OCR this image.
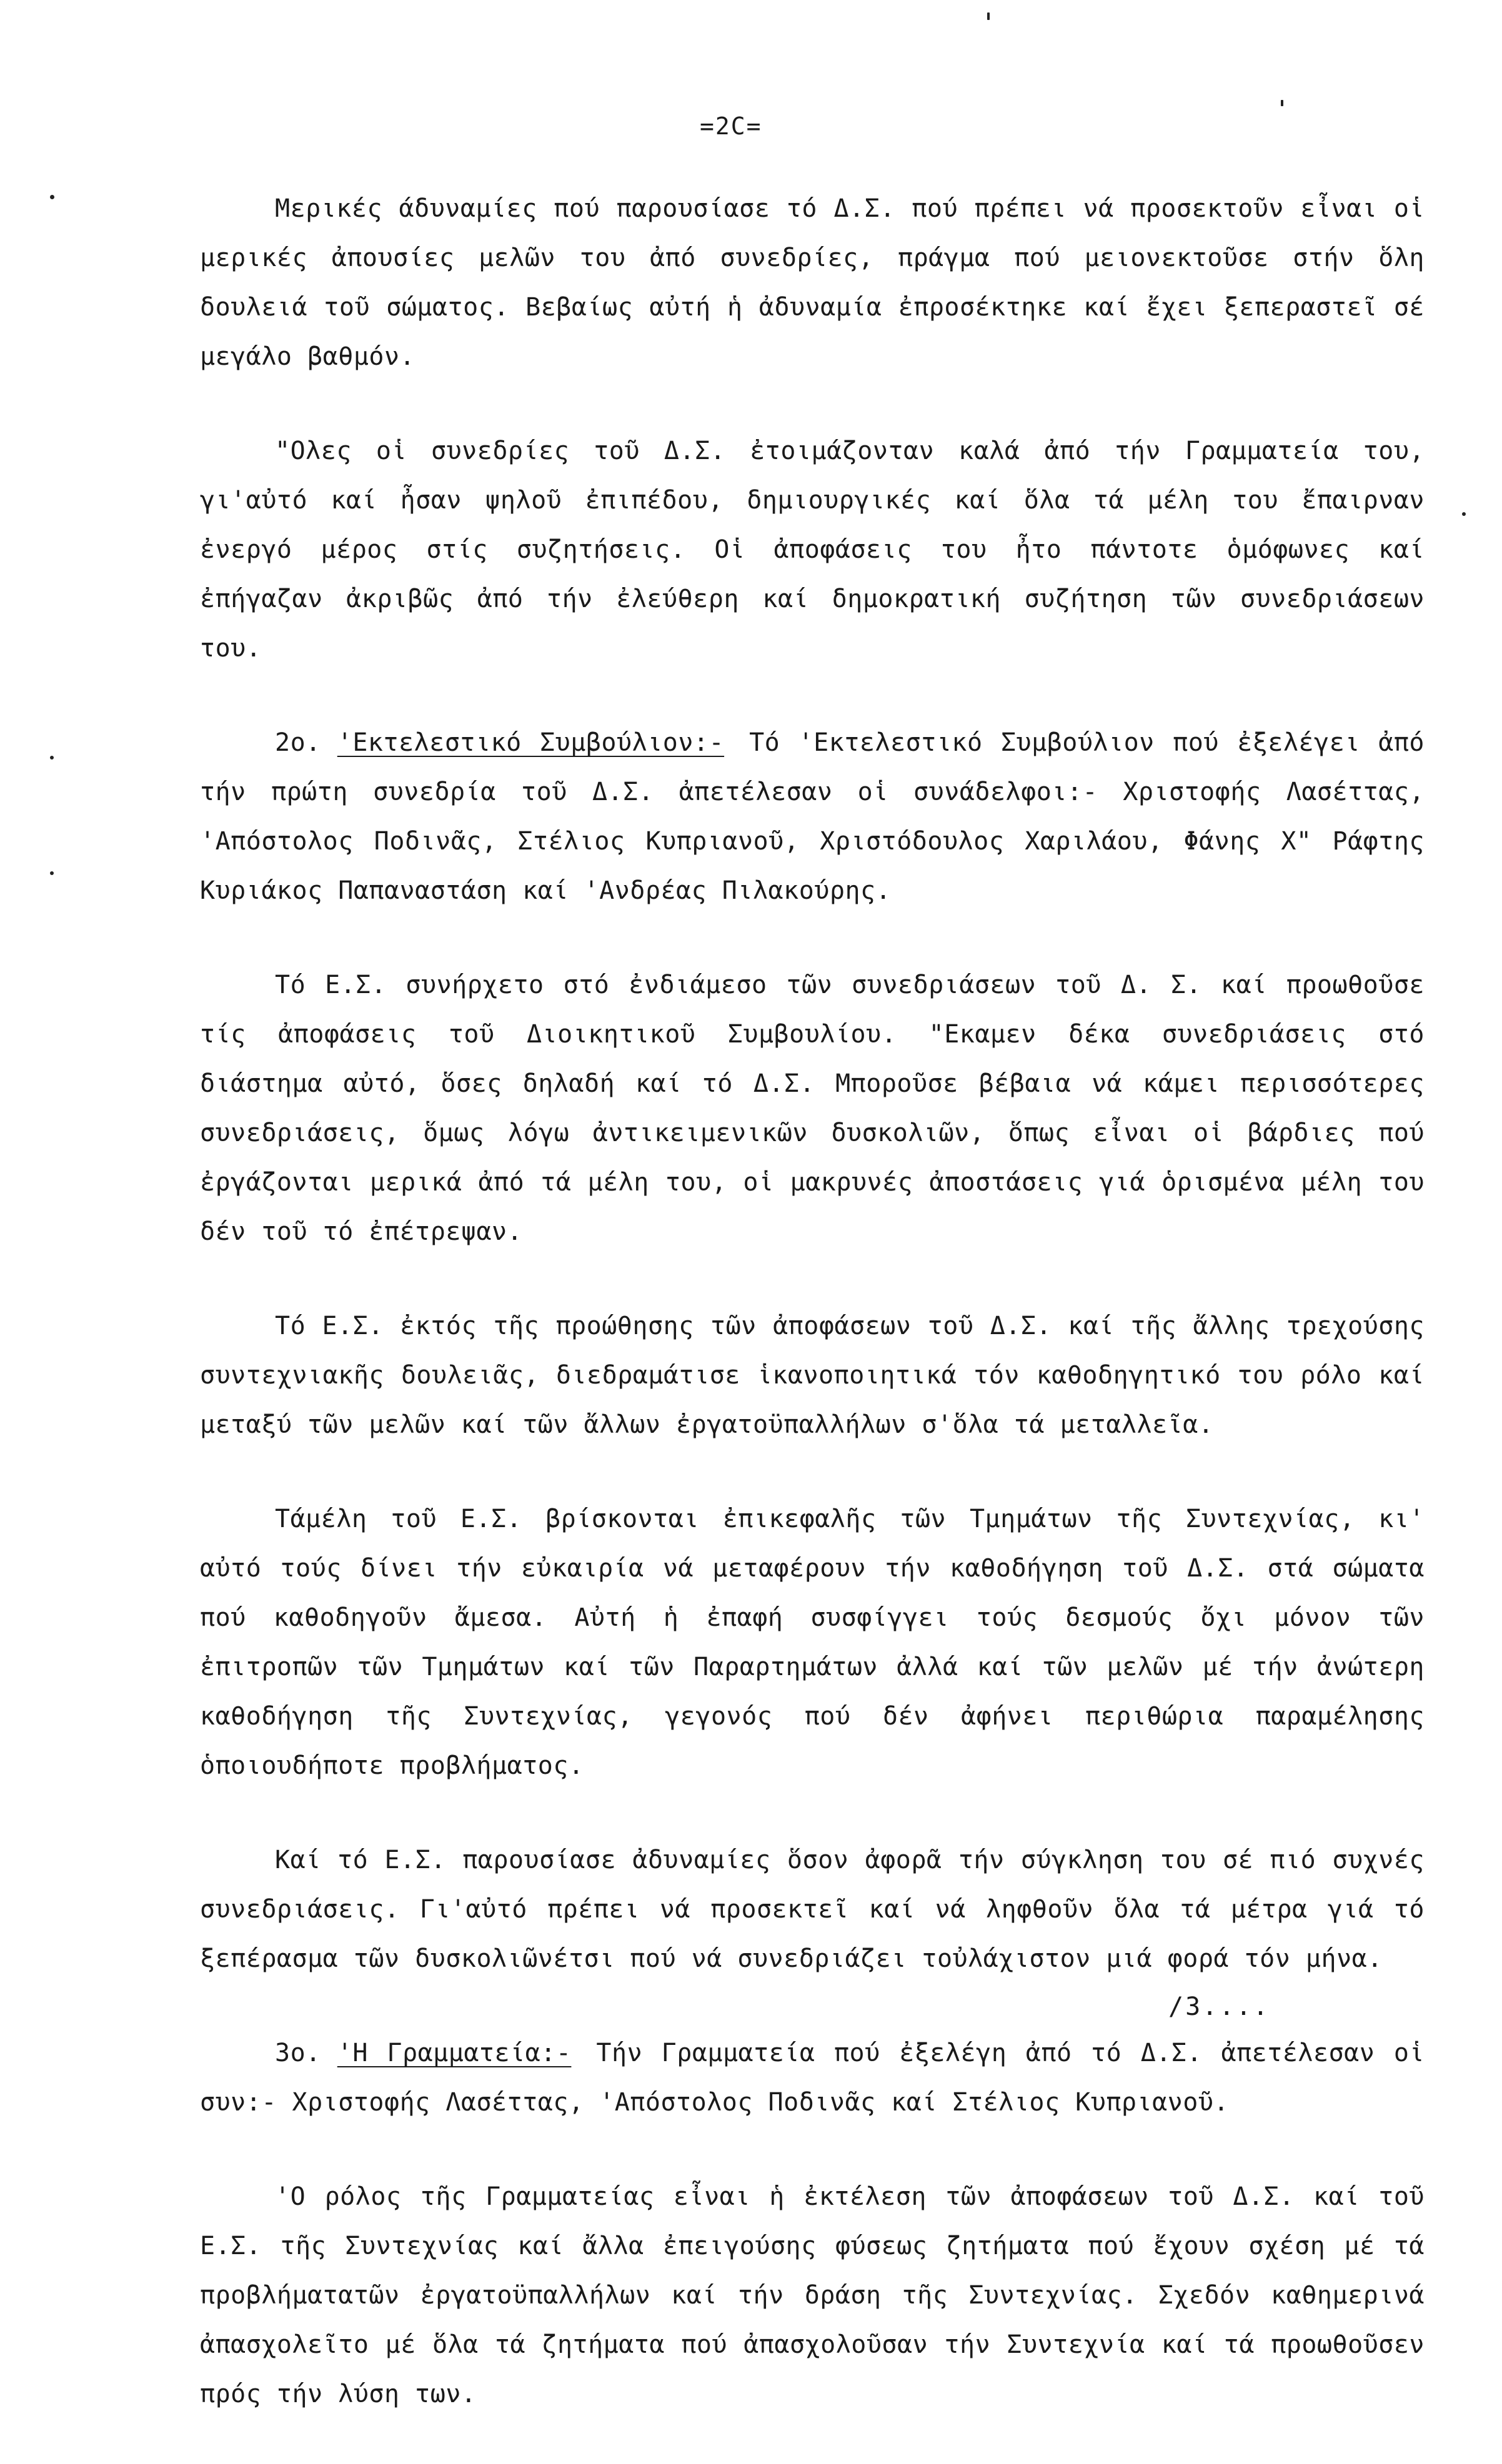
=2C=

Μερικές άδυναμίες πού παρουσίασε τό Δ.Σ. πού πρέπει νά προσεκτοῦν εἶναι οἱ μερικές ἀπουσίες μελῶν του ἀπό συνεδρίες, πράγμα πού μειονεκτοῦσε στήν ὅλη δουλειά τοῦ σώματος. Βεβαίως αὐτή ἡ ἀδυναμία ἐπροσέκτηκε καί ἔχει ξεπεραστεῖ σέ μεγάλο βαθμόν.

"Ολες οἱ συνεδρίες τοῦ Δ.Σ. ἐτοιμάζονταν καλά ἀπό τήν Γραμματεία του, γι'αὐτό καί ἦσαν ψηλοῦ ἐπιπέδου, δημιουργικές καί ὅλα τά μέλη του ἔπαιρναν ἐνεργό μέρος στίς συζητήσεις. Οἱ ἀποφάσεις του ἦτο πάντοτε ὁμόφωνες καί ἐπήγαζαν ἀκριβῶς ἀπό τήν ἐλεύθερη καί δημοκρατική συζήτηση τῶν συνεδριάσεων του.

2ο. 'Εκτελεστικό Συμβούλιον:- Τό 'Εκτελεστικό Συμβούλιον πού ἐξελέγει ἀπό τήν πρώτη συνεδρία τοῦ Δ.Σ. ἀπετέλεσαν οἱ συνάδελφοι:- Χριστοφής Λασέττας, 'Απόστολος Ποδινᾶς, Στέλιος Κυπριανοῦ, Χριστόδουλος Χαριλάου, Φάνης Χ" Ράφτης Κυριάκος Παπαναστάση καί 'Ανδρέας Πιλακούρης.

Τό Ε.Σ. συνήρχετο στό ἐνδιάμεσο τῶν συνεδριάσεων τοῦ Δ. Σ. καί προωθοῦσε τίς ἀποφάσεις τοῦ Διοικητικοῦ Συμβουλίου. "Εκαμεν δέκα συνεδριάσεις στό διάστημα αὐτό, ὅσες δηλαδή καί τό Δ.Σ. Μποροῦσε βέβαια νά κάμει περισσότερες συνεδριάσεις, ὅμως λόγω ἀντικειμενικῶν δυσκολιῶν, ὅπως εἶναι οἱ βάρδιες πού ἐργάζονται μερικά ἀπό τά μέλη του, οἱ μακρυνές ἀποστάσεις γιά ὁρισμένα μέλη του δέν τοῦ τό ἐπέτρεψαν.

Τό Ε.Σ. ἐκτός τῆς προώθησης τῶν ἀποφάσεων τοῦ Δ.Σ. καί τῆς ἄλλης τρεχούσης συντεχνιακῆς δουλειᾶς, διεδραμάτισε ἱκανοποιητικά τόν καθοδηγητικό του ρόλο καί μεταξύ τῶν μελῶν καί τῶν ἄλλων ἐργατοϋπαλλήλων σ'ὅλα τά μεταλλεῖα.

Τάμέλη τοῦ Ε.Σ. βρίσκονται ἐπικεφαλῆς τῶν Τμημάτων τῆς Συντεχνίας, κι' αὐτό τούς δίνει τήν εὐκαιρία νά μεταφέρουν τήν καθοδήγηση τοῦ Δ.Σ. στά σώματα πού καθοδηγοῦν ἄμεσα. Αὐτή ἡ ἐπαφή συσφίγγει τούς δεσμούς ὄχι μόνον τῶν ἐπιτροπῶν τῶν Τμημάτων καί τῶν Παραρτημάτων ἀλλά καί τῶν μελῶν μέ τήν ἀνώτερη καθοδήγηση τῆς Συντεχνίας, γεγονός πού δέν ἀφήνει περιθώρια παραμέλησης ὁποιουδήποτε προβλήματος.

Καί τό Ε.Σ. παρουσίασε ἀδυναμίες ὅσον ἀφορᾶ τήν σύγκληση του σέ πιό συχνές συνεδριάσεις. Γι'αὐτό πρέπει νά προσεκτεῖ καί νά ληφθοῦν ὅλα τά μέτρα γιά τό ξεπέρασμα τῶν δυσκολιῶνέτσι πού νά συνεδριάζει τοὐλάχιστον μιά φορά τόν μήνα.

3ο. 'Η Γραμματεία:- Τήν Γραμματεία πού ἐξελέγη ἀπό τό Δ.Σ. ἀπετέλεσαν οἱ συν:- Χριστοφής Λασέττας, 'Απόστολος Ποδινᾶς καί Στέλιος Κυπριανοῦ.

'Ο ρόλος τῆς Γραμματείας εἶναι ἡ ἐκτέλεση τῶν ἀποφάσεων τοῦ Δ.Σ. καί τοῦ Ε.Σ. τῆς Συντεχνίας καί ἄλλα ἐπειγούσης φύσεως ζητήματα πού ἔχουν σχέση μέ τά προβλήματατῶν ἐργατοϋπαλλήλων καί τήν δράση τῆς Συντεχνίας. Σχεδόν καθημερινά ἀπασχολεῖτο μέ ὅλα τά ζητήματα πού ἀπασχολοῦσαν τήν Συντεχνία καί τά προωθοῦσεν πρός τήν λύση των.

/3....
